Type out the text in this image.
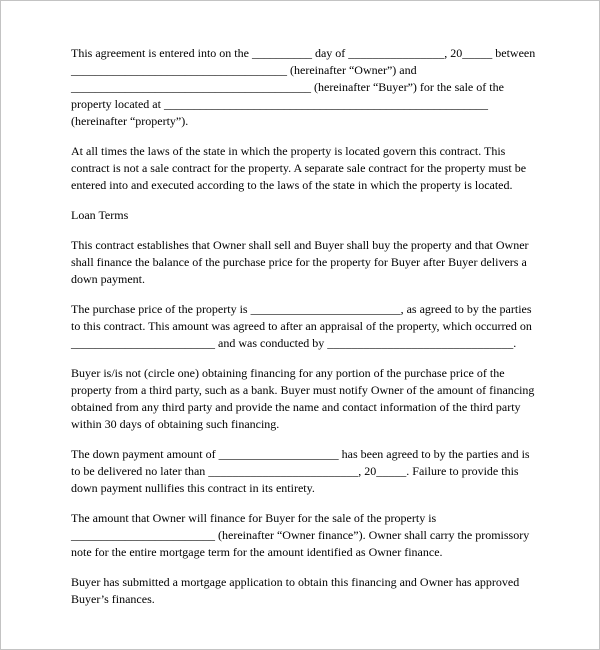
This agreement is entered into on the __________ day of ________________, 20_____ between ____________________________________ (hereinafter “Owner”) and ________________________________________ (hereinafter “Buyer”) for the sale of the property located at ______________________________________________________ (hereinafter “property”).
At all times the laws of the state in which the property is located govern this contract. This contract is not a sale contract for the property. A separate sale contract for the property must be entered into and executed according to the laws of the state in which the property is located.
Loan Terms
This contract establishes that Owner shall sell and Buyer shall buy the property and that Owner shall finance the balance of the purchase price for the property for Buyer after Buyer delivers a down payment.
The purchase price of the property is _________________________, as agreed to by the parties to this contract. This amount was agreed to after an appraisal of the property, which occurred on ________________________ and was conducted by _______________________________.
Buyer is/is not (circle one) obtaining financing for any portion of the purchase price of the property from a third party, such as a bank. Buyer must notify Owner of the amount of financing obtained from any third party and provide the name and contact information of the third party within 30 days of obtaining such financing.
The down payment amount of ____________________ has been agreed to by the parties and is to be delivered no later than _________________________, 20_____. Failure to provide this down payment nullifies this contract in its entirety.
The amount that Owner will finance for Buyer for the sale of the property is ________________________ (hereinafter “Owner finance”). Owner shall carry the promissory note for the entire mortgage term for the amount identified as Owner finance.
Buyer has submitted a mortgage application to obtain this financing and Owner has approved Buyer’s finances.
